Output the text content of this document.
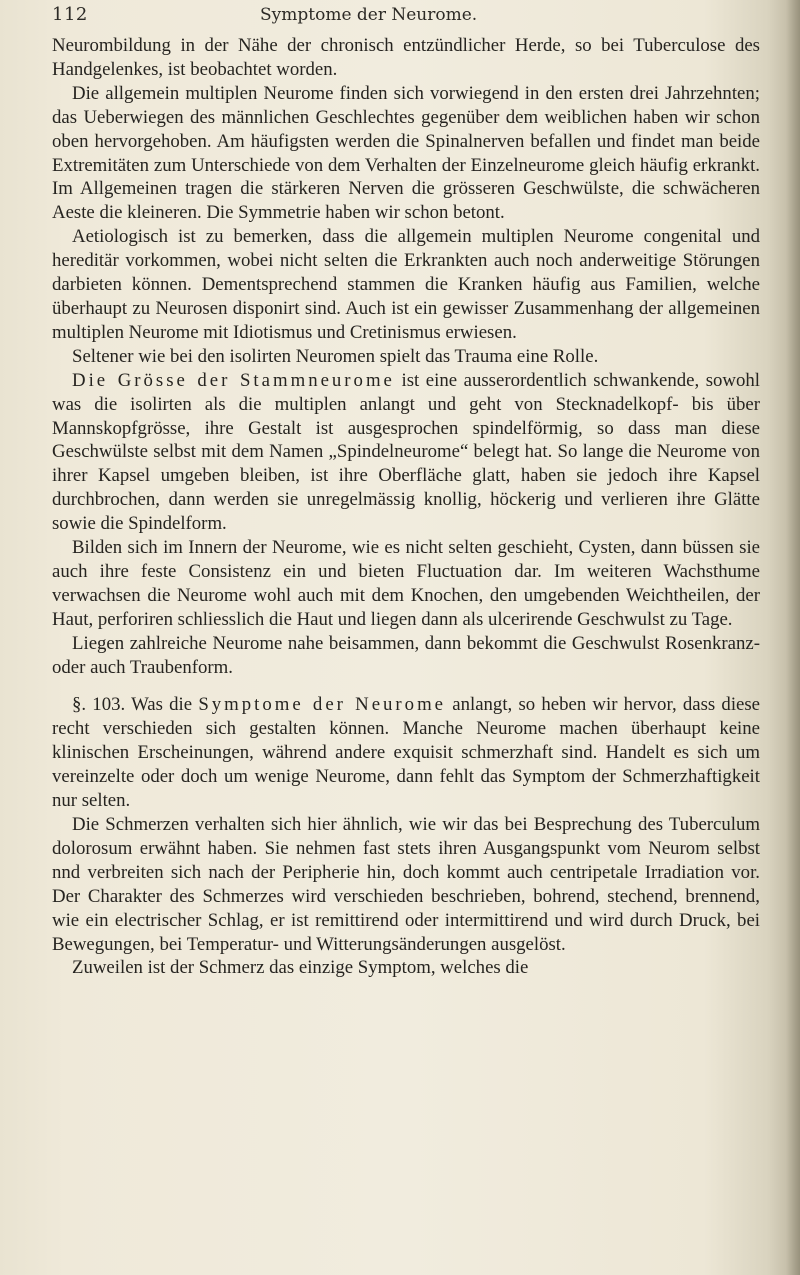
112	Symptome der Neurome.

Neurombildung in der Nähe der chronisch entzündlicher Herde, so bei Tuberculose des Handgelenkes, ist beobachtet worden.

Die allgemein multiplen Neurome finden sich vorwiegend in den ersten drei Jahrzehnten; das Ueberwiegen des männlichen Geschlechtes gegenüber dem weiblichen haben wir schon oben hervorgehoben. Am häufigsten werden die Spinalnerven befallen und findet man beide Extremitäten zum Unterschiede von dem Verhalten der Einzelneurome gleich häufig erkrankt. Im Allgemeinen tragen die stärkeren Nerven die grösseren Geschwülste, die schwächeren Aeste die kleineren. Die Symmetrie haben wir schon betont.

Aetiologisch ist zu bemerken, dass die allgemein multiplen Neurome congenital und hereditär vorkommen, wobei nicht selten die Erkrankten auch noch anderweitige Störungen darbieten können. Dementsprechend stammen die Kranken häufig aus Familien, welche überhaupt zu Neurosen disponirt sind. Auch ist ein gewisser Zusammenhang der allgemeinen multiplen Neurome mit Idiotismus und Cretinismus erwiesen.

Seltener wie bei den isolirten Neuromen spielt das Trauma eine Rolle.

Die Grösse der Stammneurome ist eine ausserordentlich schwankende, sowohl was die isolirten als die multiplen anlangt und geht von Stecknadelkopf- bis über Mannskopfgrösse, ihre Gestalt ist ausgesprochen spindelförmig, so dass man diese Geschwülste selbst mit dem Namen „Spindelneurome“ belegt hat. So lange die Neurome von ihrer Kapsel umgeben bleiben, ist ihre Oberfläche glatt, haben sie jedoch ihre Kapsel durchbrochen, dann werden sie unregelmässig knollig, höckerig und verlieren ihre Glätte sowie die Spindelform.

Bilden sich im Innern der Neurome, wie es nicht selten geschieht, Cysten, dann büssen sie auch ihre feste Consistenz ein und bieten Fluctuation dar. Im weiteren Wachsthume verwachsen die Neurome wohl auch mit dem Knochen, den umgebenden Weichtheilen, der Haut, perforiren schliesslich die Haut und liegen dann als ulcerirende Geschwulst zu Tage.

Liegen zahlreiche Neurome nahe beisammen, dann bekommt die Geschwulst Rosenkranz- oder auch Traubenform.

§. 103. Was die Symptome der Neurome anlangt, so heben wir hervor, dass diese recht verschieden sich gestalten können. Manche Neurome machen überhaupt keine klinischen Erscheinungen, während andere exquisit schmerzhaft sind. Handelt es sich um vereinzelte oder doch um wenige Neurome, dann fehlt das Symptom der Schmerzhaftigkeit nur selten.

Die Schmerzen verhalten sich hier ähnlich, wie wir das bei Besprechung des Tuberculum dolorosum erwähnt haben. Sie nehmen fast stets ihren Ausgangspunkt vom Neurom selbst nnd verbreiten sich nach der Peripherie hin, doch kommt auch centripetale Irradiation vor. Der Charakter des Schmerzes wird verschieden beschrieben, bohrend, stechend, brennend, wie ein electrischer Schlag, er ist remittirend oder intermittirend und wird durch Druck, bei Bewegungen, bei Temperatur- und Witterungsänderungen ausgelöst.

Zuweilen ist der Schmerz das einzige Symptom, welches die
